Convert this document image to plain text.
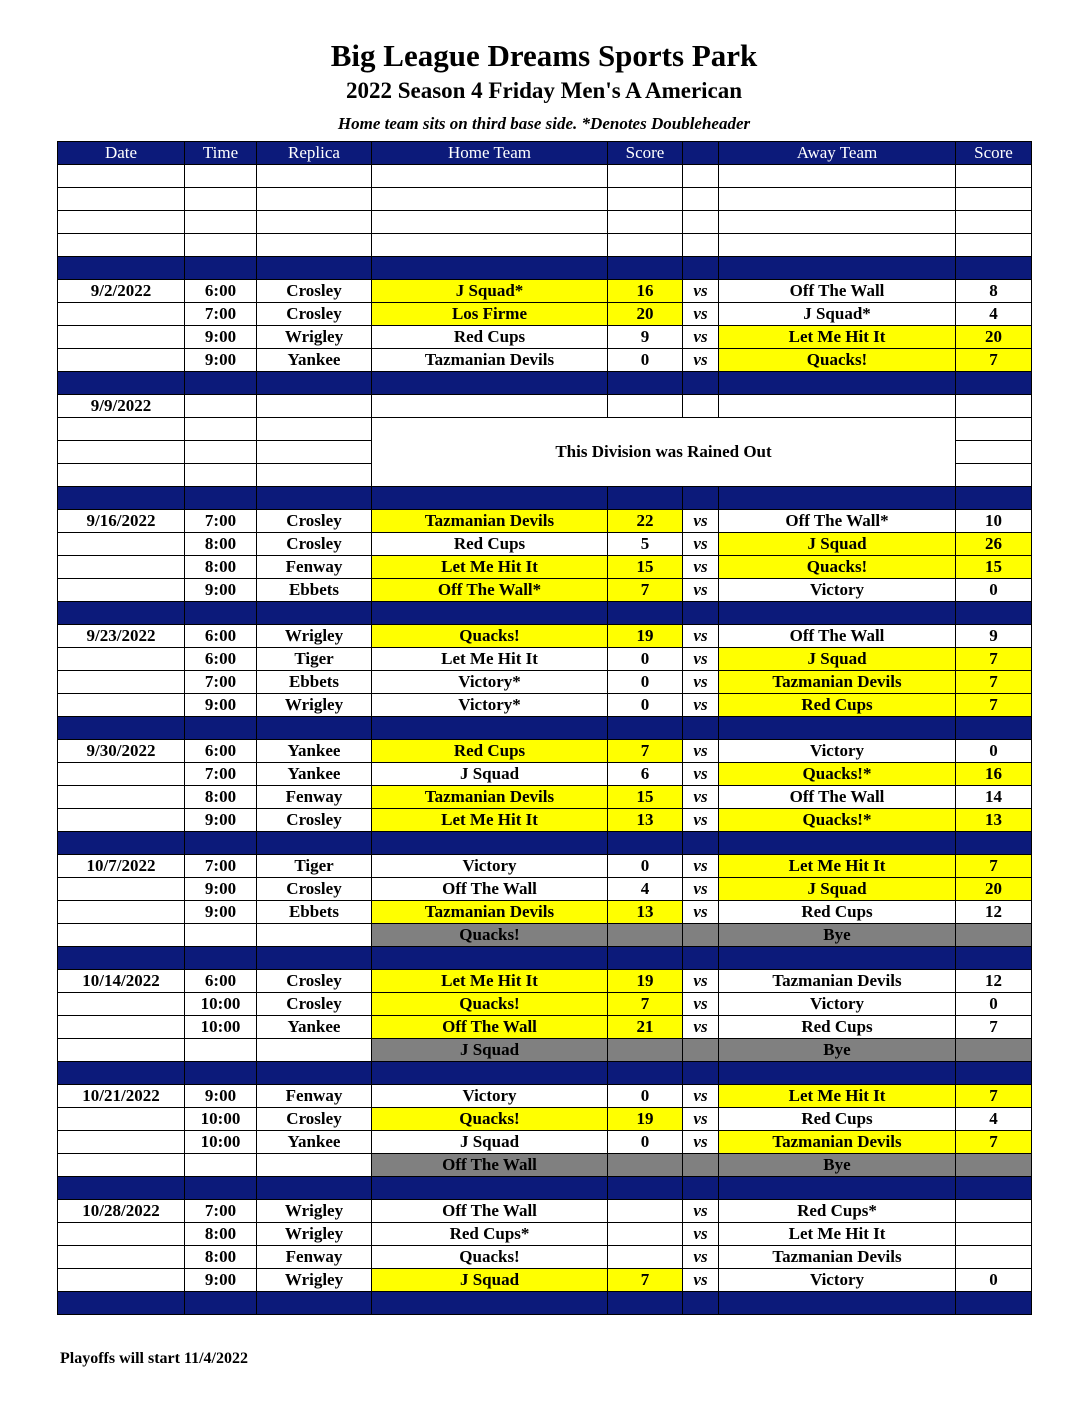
Big League Dreams Sports Park
2022 Season 4 Friday Men's A American
Home team sits on third base side. *Denotes Doubleheader
Date	Time	Replica	Home Team	Score		Away Team	Score

9/2/2022	6:00	Crosley	J Squad*	16	vs	Off The Wall	8
	7:00	Crosley	Los Firme	20	vs	J Squad*	4
	9:00	Wrigley	Red Cups	9	vs	Let Me Hit It	20
	9:00	Yankee	Tazmanian Devils	0	vs	Quacks!	7

9/9/2022							
			This Division was Rained Out				

9/16/2022	7:00	Crosley	Tazmanian Devils	22	vs	Off The Wall*	10
	8:00	Crosley	Red Cups	5	vs	J Squad	26
	8:00	Fenway	Let Me Hit It	15	vs	Quacks!	15
	9:00	Ebbets	Off The Wall*	7	vs	Victory	0

9/23/2022	6:00	Wrigley	Quacks!	19	vs	Off The Wall	9
	6:00	Tiger	Let Me Hit It	0	vs	J Squad	7
	7:00	Ebbets	Victory*	0	vs	Tazmanian Devils	7
	9:00	Wrigley	Victory*	0	vs	Red Cups	7

9/30/2022	6:00	Yankee	Red Cups	7	vs	Victory	0
	7:00	Yankee	J Squad	6	vs	Quacks!*	16
	8:00	Fenway	Tazmanian Devils	15	vs	Off The Wall	14
	9:00	Crosley	Let Me Hit It	13	vs	Quacks!*	13

10/7/2022	7:00	Tiger	Victory	0	vs	Let Me Hit It	7
	9:00	Crosley	Off The Wall	4	vs	J Squad	20
	9:00	Ebbets	Tazmanian Devils	13	vs	Red Cups	12
			Quacks!			Bye	

10/14/2022	6:00	Crosley	Let Me Hit It	19	vs	Tazmanian Devils	12
	10:00	Crosley	Quacks!	7	vs	Victory	0
	10:00	Yankee	Off The Wall	21	vs	Red Cups	7
			J Squad			Bye	

10/21/2022	9:00	Fenway	Victory	0	vs	Let Me Hit It	7
	10:00	Crosley	Quacks!	19	vs	Red Cups	4
	10:00	Yankee	J Squad	0	vs	Tazmanian Devils	7
			Off The Wall			Bye	

10/28/2022	7:00	Wrigley	Off The Wall		vs	Red Cups*	
	8:00	Wrigley	Red Cups*		vs	Let Me Hit It	
	8:00	Fenway	Quacks!		vs	Tazmanian Devils	
	9:00	Wrigley	J Squad	7	vs	Victory	0

Playoffs will start 11/4/2022
